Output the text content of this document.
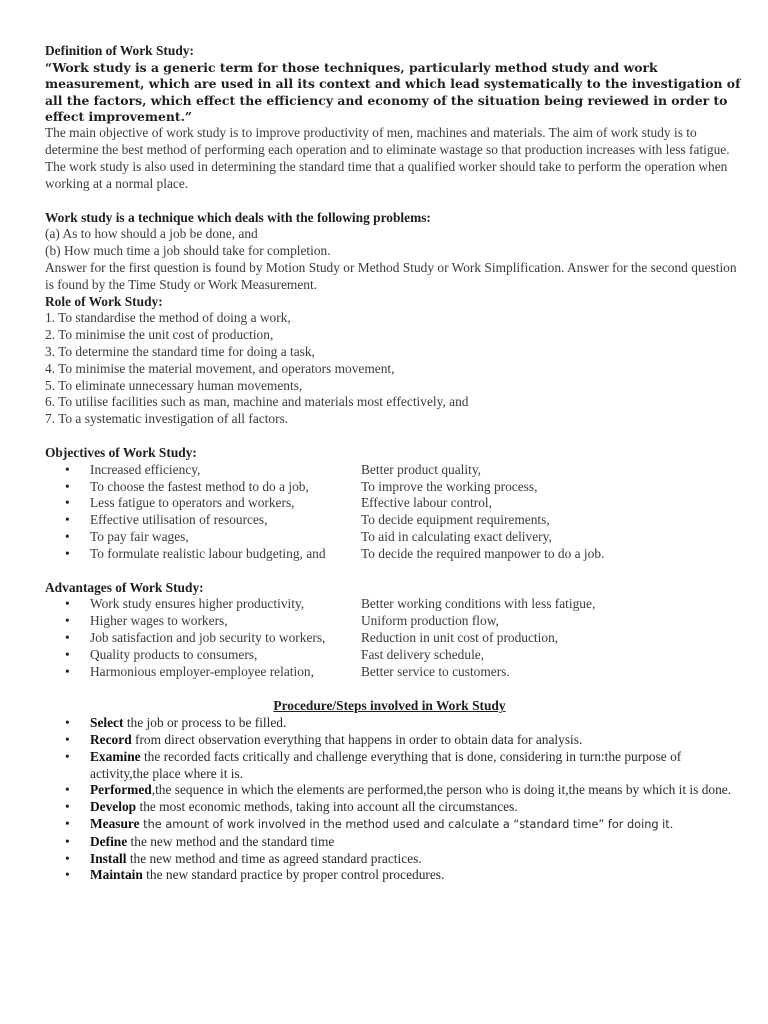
Definition of Work Study:

“Work study is a generic term for those techniques, particularly method study and work measurement, which are used in all its context and which lead systematically to the investigation of all the factors, which effect the efficiency and economy of the situation being reviewed in order to effect improvement.”

The main objective of work study is to improve productivity of men, machines and materials. The aim of work study is to determine the best method of performing each operation and to eliminate wastage so that production increases with less fatigue. The work study is also used in determining the standard time that a qualified worker should take to perform the operation when working at a normal place.

Work study is a technique which deals with the following problems:

(a) As to how should a job be done, and

(b) How much time a job should take for completion.

Answer for the first question is found by Motion Study or Method Study or Work Simplification. Answer for the second question is found by the Time Study or Work Measurement.

Role of Work Study:

1. To standardise the method of doing a work,

2. To minimise the unit cost of production,

3. To determine the standard time for doing a task,

4. To minimise the material movement, and operators movement,

5. To eliminate unnecessary human movements,

6. To utilise facilities such as man, machine and materials most effectively, and

7. To a systematic investigation of all factors.

Objectives of Work Study:

•	Increased efficiency,	Better product quality,
•	To choose the fastest method to do a job,	To improve the working process,
•	Less fatigue to operators and workers,	Effective labour control,
•	Effective utilisation of resources,	To decide equipment requirements,
•	To pay fair wages,	To aid in calculating exact delivery,
•	To formulate realistic labour budgeting, and	To decide the required manpower to do a job.

Advantages of Work Study:

•	Work study ensures higher productivity,	Better working conditions with less fatigue,
•	Higher wages to workers,	Uniform production flow,
•	Job satisfaction and job security to workers,	Reduction in unit cost of production,
•	Quality products to consumers,	Fast delivery schedule,
•	Harmonious employer-employee relation,	Better service to customers.

Procedure/Steps involved in Work Study

•	Select the job or process to be filled.
•	Record from direct observation everything that happens in order to obtain data for analysis.
•	Examine the recorded facts critically and challenge everything that is done, considering in turn:the purpose of activity,the place where it is.
•	Performed,the sequence in which the elements are performed,the person who is doing it,the means by which it is done.
•	Develop the most economic methods, taking into account all the circumstances.
•	Measure the amount of work involved in the method used and calculate a “standard time” for doing it.
•	Define the new method and the standard time
•	Install the new method and time as agreed standard practices.
•	Maintain the new standard practice by proper control procedures.
